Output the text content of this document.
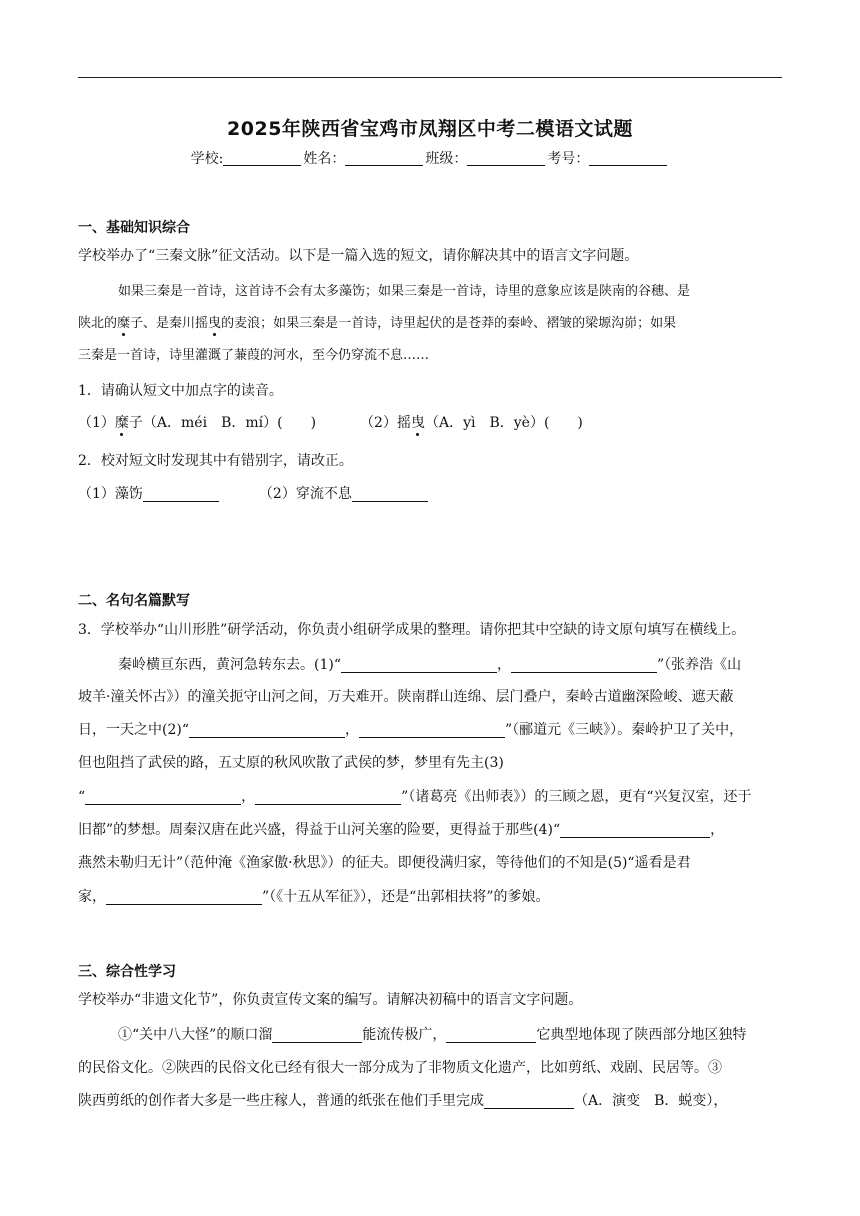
2025年陕西省宝鸡市凤翔区中考二模语文试题
学校:	姓名：	班级：	考号：
一、基础知识综合
学校举办了“三秦文脉”征文活动。以下是一篇入选的短文，请你解决其中的语言文字问题。
如果三秦是一首诗，这首诗不会有太多藻饬；如果三秦是一首诗，诗里的意象应该是陕南的谷穗、是
陕北的糜子、是秦川摇曳的麦浪；如果三秦是一首诗，诗里起伏的是苍莽的秦岭、褶皱的梁塬沟峁；如果
三秦是一首诗，诗里灌溉了蒹葭的河水，至今仍穿流不息……
1．请确认短文中加点字的读音。
（1）糜子（A．méi　B．mí）(　　)	（2）摇曳（A．yì　B．yè）(　　)
2．校对短文时发现其中有错别字，请改正。
（1）藻饬	（2）穿流不息
二、名句名篇默写
3．学校举办“山川形胜”研学活动，你负责小组研学成果的整理。请你把其中空缺的诗文原句填写在横线上。
秦岭横亘东西，黄河急转东去。(1)“	，	”（张养浩《山
坡羊·潼关怀古》）的潼关扼守山河之间，万夫难开。陕南群山连绵、层门叠户，秦岭古道幽深险峻、遮天蔽
日，一天之中(2)“	，	”（郦道元《三峡》）。秦岭护卫了关中，
但也阻挡了武侯的路，五丈原的秋风吹散了武侯的梦，梦里有先主(3)
“	，	”（诸葛亮《出师表》）的三顾之恩，更有“兴复汉室，还于
旧都”的梦想。周秦汉唐在此兴盛，得益于山河关塞的险要，更得益于那些(4)“	，
燕然未勒归无计”（范仲淹《渔家傲·秋思》）的征夫。即便役满归家，等待他们的不知是(5)“遥看是君
家，	”（《十五从军征》），还是“出郭相扶将”的爹娘。
三、综合性学习
学校举办“非遗文化节”，你负责宣传文案的编写。请解决初稿中的语言文字问题。
①“关中八大怪”的顺口溜	能流传极广，	它典型地体现了陕西部分地区独特
的民俗文化。②陕西的民俗文化已经有很大一部分成为了非物质文化遗产，比如剪纸、戏剧、民居等。③
陕西剪纸的创作者大多是一些庄稼人，普通的纸张在他们手里完成	（A．演变　B．蜕变），
